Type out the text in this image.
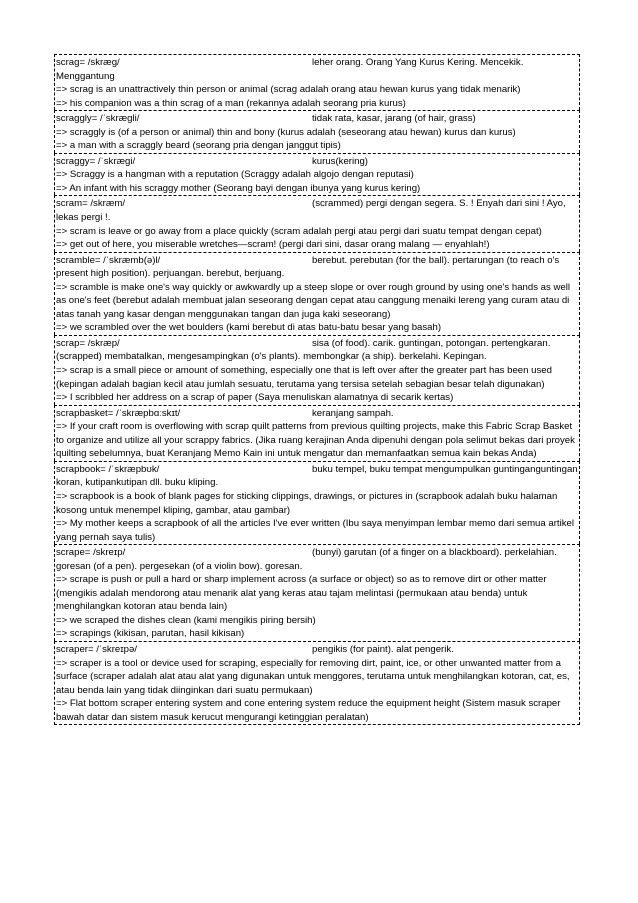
scrag= /skræg/	leher orang. Orang Yang Kurus Kering. Mencekik. Menggantung

=> scrag is an unattractively thin person or animal (scrag adalah orang atau hewan kurus yang tidak menarik)

=> his companion was a thin scrag of a man (rekannya adalah seorang pria kurus)

scraggly= /ˈskræɡli/	tidak rata, kasar, jarang (of hair, grass)

=> scraggly is (of a person or animal) thin and bony (kurus adalah (seseorang atau hewan) kurus dan kurus)

=> a man with a scraggly beard (seorang pria dengan janggut tipis)

scraggy= /ˈskræɡi/	kurus(kering)

=> Scraggy is a hangman with a reputation (Scraggy adalah algojo dengan reputasi)

=> An infant with his scraggy mother (Seorang bayi dengan ibunya yang kurus kering)

scram= /skræm/	(scrammed) pergi dengan segera. S. ! Enyah dari sini ! Ayo, lekas pergi !.

=> scram is leave or go away from a place quickly (scram adalah pergi atau pergi dari suatu tempat dengan cepat)

=> get out of here, you miserable wretches—scram! (pergi dari sini, dasar orang malang — enyahlah!)

scramble= /ˈskræmb(ə)l/	berebut. perebutan (for the ball). pertarungan (to reach o's present high position). perjuangan. berebut, berjuang.

=> scramble is make one's way quickly or awkwardly up a steep slope or over rough ground by using one's hands as well as one's feet (berebut adalah membuat jalan seseorang dengan cepat atau canggung menaiki lereng yang curam atau di atas tanah yang kasar dengan menggunakan tangan dan juga kaki seseorang)

=> we scrambled over the wet boulders (kami berebut di atas batu-batu besar yang basah)

scrap= /skræp/	sisa (of food). carik. guntingan, potongan. pertengkaran. (scrapped) membatalkan, mengesampingkan (o's plants). membongkar (a ship). berkelahi. Kepingan.

=> scrap is a small piece or amount of something, especially one that is left over after the greater part has been used (kepingan adalah bagian kecil atau jumlah sesuatu, terutama yang tersisa setelah sebagian besar telah digunakan)

=> I scribbled her address on a scrap of paper (Saya menuliskan alamatnya di secarik kertas)

scrapbasket= /ˈskræpbɑːskɪt/	keranjang sampah.

=> If your craft room is overflowing with scrap quilt patterns from previous quilting projects, make this Fabric Scrap Basket to organize and utilize all your scrappy fabrics. (Jika ruang kerajinan Anda dipenuhi dengan pola selimut bekas dari proyek quilting sebelumnya, buat Keranjang Memo Kain ini untuk mengatur dan memanfaatkan semua kain bekas Anda)

scrapbook= /ˈskræpbʊk/	buku tempel, buku tempat mengumpulkan guntinganguntingan koran, kutipankutipan dll. buku kliping.

=> scrapbook is a book of blank pages for sticking clippings, drawings, or pictures in (scrapbook adalah buku halaman kosong untuk menempel kliping, gambar, atau gambar)

=> My mother keeps a scrapbook of all the articles I've ever written (Ibu saya menyimpan lembar memo dari semua artikel yang pernah saya tulis)

scrape= /skreɪp/	(bunyi) garutan (of a finger on a blackboard). perkelahian. goresan (of a pen). pergesekan (of a violin bow). goresan.

=> scrape is push or pull a hard or sharp implement across (a surface or object) so as to remove dirt or other matter (mengikis adalah mendorong atau menarik alat yang keras atau tajam melintasi (permukaan atau benda) untuk menghilangkan kotoran atau benda lain)

=> we scraped the dishes clean (kami mengikis piring bersih)

=> scrapings (kikisan, parutan, hasil kikisan)

scraper= /ˈskreɪpə/	pengikis (for paint). alat pengerik.

=> scraper is a tool or device used for scraping, especially for removing dirt, paint, ice, or other unwanted matter from a surface (scraper adalah alat atau alat yang digunakan untuk menggores, terutama untuk menghilangkan kotoran, cat, es, atau benda lain yang tidak diinginkan dari suatu permukaan)

=> Flat bottom scraper entering system and cone entering system reduce the equipment height (Sistem masuk scraper bawah datar dan sistem masuk kerucut mengurangi ketinggian peralatan)
